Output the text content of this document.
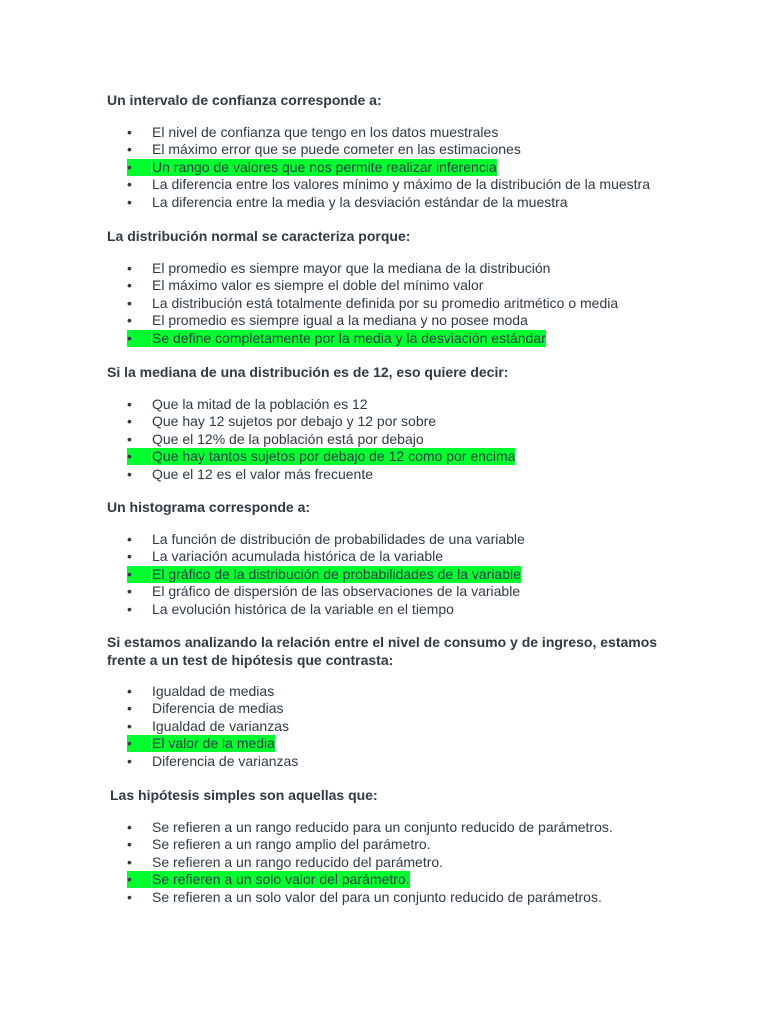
Un intervalo de confianza corresponde a:
•	El nivel de confianza que tengo en los datos muestrales
•	El máximo error que se puede cometer en las estimaciones
•	Un rango de valores que nos permite realizar inferencia
•	La diferencia entre los valores mínimo y máximo de la distribución de la muestra
•	La diferencia entre la media y la desviación estándar de la muestra
La distribución normal se caracteriza porque:
•	El promedio es siempre mayor que la mediana de la distribución
•	El máximo valor es siempre el doble del mínimo valor
•	La distribución está totalmente definida por su promedio aritmético o media
•	El promedio es siempre igual a la mediana y no posee moda
•	Se define completamente por la media y la desviación estándar
Si la mediana de una distribución es de 12, eso quiere decir:
•	Que la mitad de la población es 12
•	Que hay 12 sujetos por debajo y 12 por sobre
•	Que el 12% de la población está por debajo
•	Que hay tantos sujetos por debajo de 12 como por encima
•	Que el 12 es el valor más frecuente
Un histograma corresponde a:
•	La función de distribución de probabilidades de una variable
•	La variación acumulada histórica de la variable
•	El gráfico de la distribución de probabilidades de la variable
•	El gráfico de dispersión de las observaciones de la variable
•	La evolución histórica de la variable en el tiempo
Si estamos analizando la relación entre el nivel de consumo y de ingreso, estamos frente a un test de hipótesis que contrasta:
•	Igualdad de medias
•	Diferencia de medias
•	Igualdad de varianzas
•	El valor de la media
•	Diferencia de varianzas
Las hipótesis simples son aquellas que:
•	Se refieren a un rango reducido para un conjunto reducido de parámetros.
•	Se refieren a un rango amplio del parámetro.
•	Se refieren a un rango reducido del parámetro.
•	Se refieren a un solo valor del parámetro.
•	Se refieren a un solo valor del para un conjunto reducido de parámetros.
